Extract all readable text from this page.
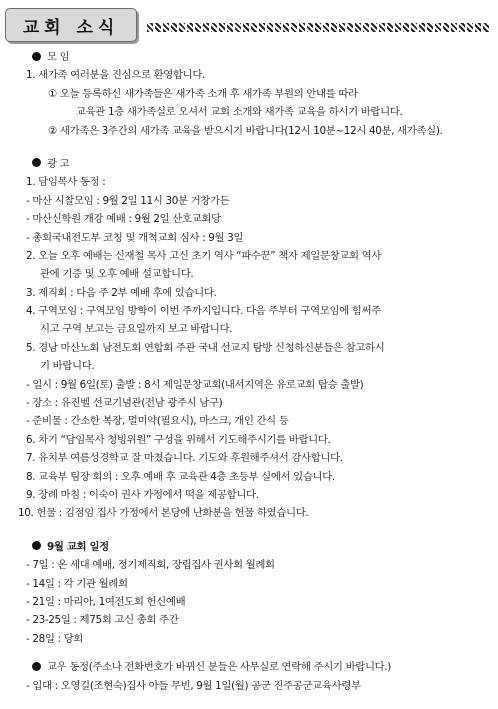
교회 소식
모 임
1. 새가족 여러분을 진심으로 환영합니다.
① 오늘 등록하신 새가족들은 새가족 소개 후 새가족 부원의 안내를 따라
교육관 1층 새가족실로 오셔서 교회 소개와 새가족 교육을 하시기 바랍니다.
② 새가족은 3주간의 새가족 교육을 받으시기 바랍니다(12시 10분~12시 40분, 새가족실).
광 고
1. 담임목사 동정 :
- 마산 시찰모임 : 9월 2일 11시 30분 거창가든
- 마산신학원 개강 예배 : 9월 2일 산호교회당
- 총회국내전도부 코칭 및 개척교회 심사 : 9월 3일
2. 오늘 오후 예배는 신재철 목사 고신 초기 역사 “파수꾼” 책자 제일문창교회 역사
관에 기증 및 오후 예배 설교합니다.
3. 제직회 : 다음 주 2부 예배 후에 있습니다.
4. 구역모임 : 구역모임 방학이 이번 주까지입니다. 다음 주부터 구역모임에 힘써주
시고 구역 보고는 금요일까지 보고 바랍니다.
5. 경남 마산노회 남전도회 연합회 주관 국내 선교지 탐방 신청하신분들은 참고하시
기 바랍니다.
- 일시 : 9월 6일(토) 출발 : 8시 제일문창교회(내서지역은 유로교회 탑승 출발)
- 장소 : 유진벨 선교기념관(전남 광주시 남구)
- 준비물 : 간소한 복장, 멀미약(필요시), 마스크, 개인 간식 등
6. 차기 “담임목사 청빙위원” 구성을 위해서 기도해주시기를 바랍니다.
7. 유치부 여름성경학교 잘 마쳤습니다. 기도와 후원해주셔서 감사합니다.
8. 교육부 팀장 회의 : 오후 예배 후 교육관 4층 초등부 실에서 있습니다.
9. 장례 마침 : 이숙이 권사 가정에서 떡을 제공합니다.
10. 헌물 : 김점임 집사 가정에서 본당에 난화분을 헌물 하였습니다.
9월 교회 일정
- 7일 : 온 세대 예배, 정기제직회, 장립집사 권사회 월례회
- 14일 : 각 기관 월례회
- 21일 : 마리아, 1여전도회 헌신예배
- 23-25일 : 제75회 고신 총회 주간
- 28일 : 당회
교우 동정(주소나 전화번호가 바뀌신 분들은 사무실로 연락해 주시기 바랍니다.)
- 입대 : 오영길(조현숙)집사 아들 무빈, 9월 1일(월) 공군 진주공군교육사령부
